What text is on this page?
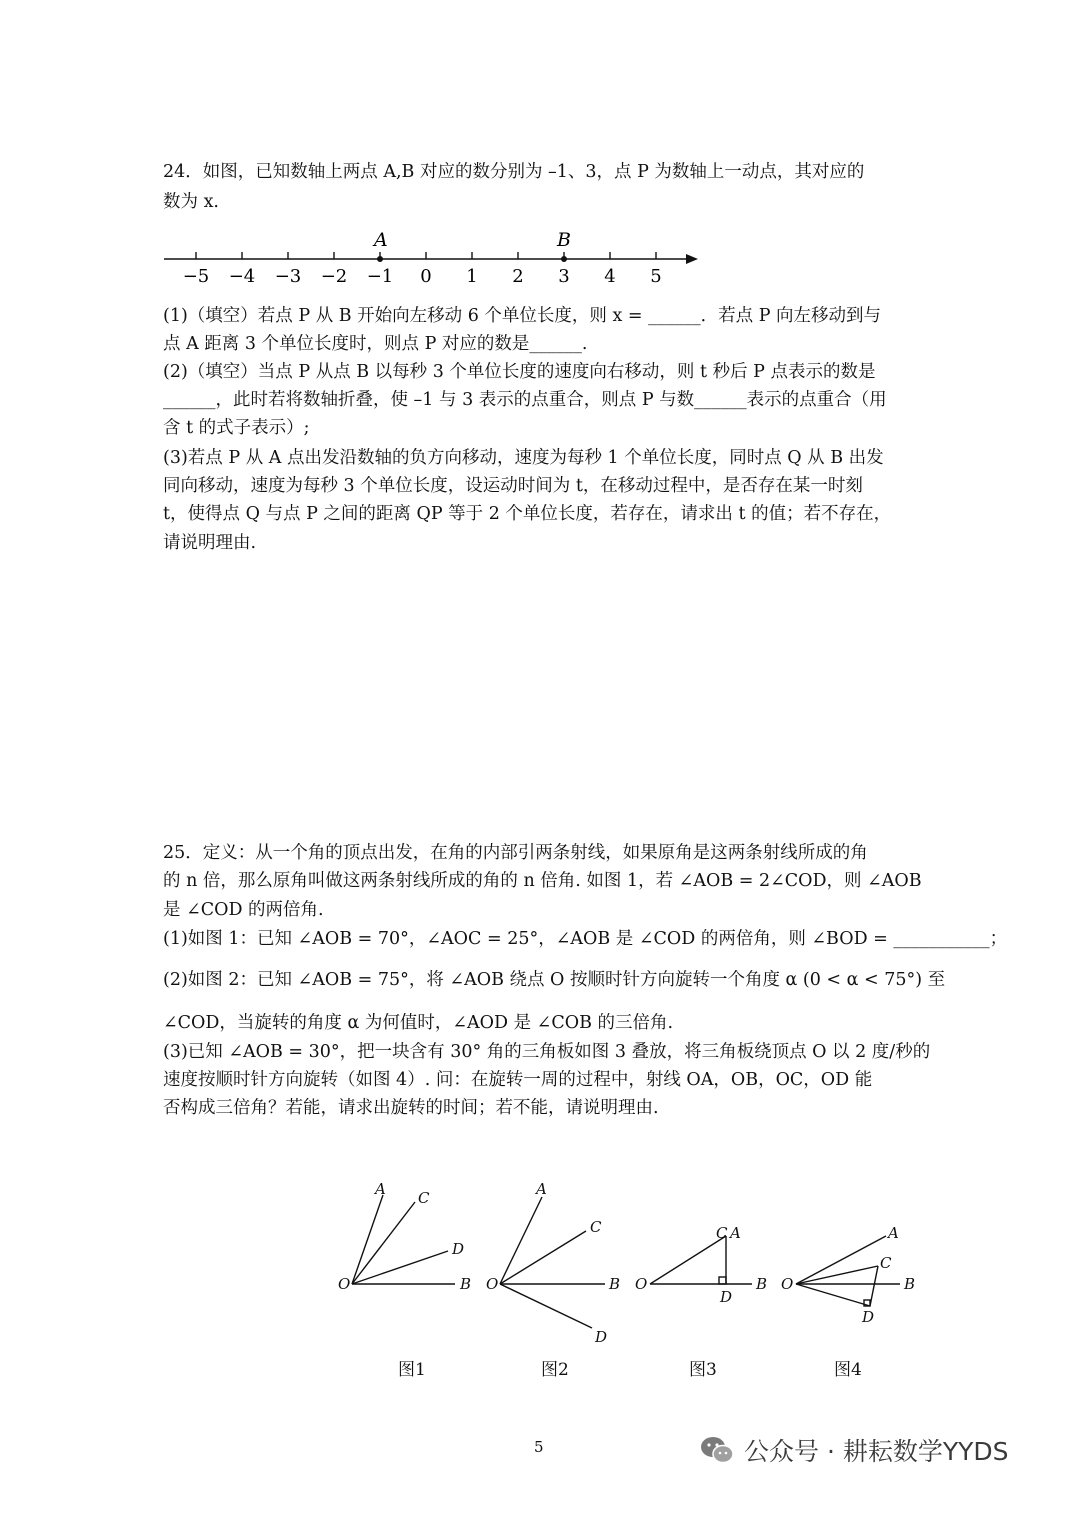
24．如图，已知数轴上两点 A,B 对应的数分别为 –1、3，点 P 为数轴上一动点，其对应的
数为 x.
−5 −4 −3 −2 −1 0 1 2 3 4 5
A	B
(1)（填空）若点 P 从 B 开始向左移动 6 个单位长度，则 x = ______．若点 P 向左移动到与
点 A 距离 3 个单位长度时，则点 P 对应的数是______.
(2)（填空）当点 P 从点 B 以每秒 3 个单位长度的速度向右移动，则 t 秒后 P 点表示的数是
______，此时若将数轴折叠，使 –1 与 3 表示的点重合，则点 P 与数______表示的点重合（用
含 t 的式子表示）;
(3)若点 P 从 A 点出发沿数轴的负方向移动，速度为每秒 1 个单位长度，同时点 Q 从 B 出发
同向移动，速度为每秒 3 个单位长度，设运动时间为 t，在移动过程中，是否存在某一时刻
t，使得点 Q 与点 P 之间的距离 QP 等于 2 个单位长度，若存在，请求出 t 的值；若不存在，
请说明理由.
25．定义：从一个角的顶点出发，在角的内部引两条射线，如果原角是这两条射线所成的角
的 n 倍，那么原角叫做这两条射线所成的角的 n 倍角. 如图 1，若 ∠AOB = 2∠COD，则 ∠AOB
是 ∠COD 的两倍角.
(1)如图 1：已知 ∠AOB = 70°，∠AOC = 25°，∠AOB 是 ∠COD 的两倍角，则 ∠BOD = ___________；
(2)如图 2：已知 ∠AOB = 75°，将 ∠AOB 绕点 O 按顺时针方向旋转一个角度 α (0 < α < 75°) 至
∠COD，当旋转的角度 α 为何值时，∠AOD 是 ∠COB 的三倍角.
(3)已知 ∠AOB = 30°，把一块含有 30° 角的三角板如图 3 叠放，将三角板绕顶点 O 以 2 度/秒的
速度按顺时针方向旋转（如图 4）. 问：在旋转一周的过程中，射线 OA，OB，OC，OD 能
否构成三倍角？若能，请求出旋转的时间；若不能，请说明理由.
O
A C
D
B O
A
C
B
D
O
C A
D
B O
A
C
B
D
图1	图2	图3	图4
5	公众号 · 耕耘数学YYDS
